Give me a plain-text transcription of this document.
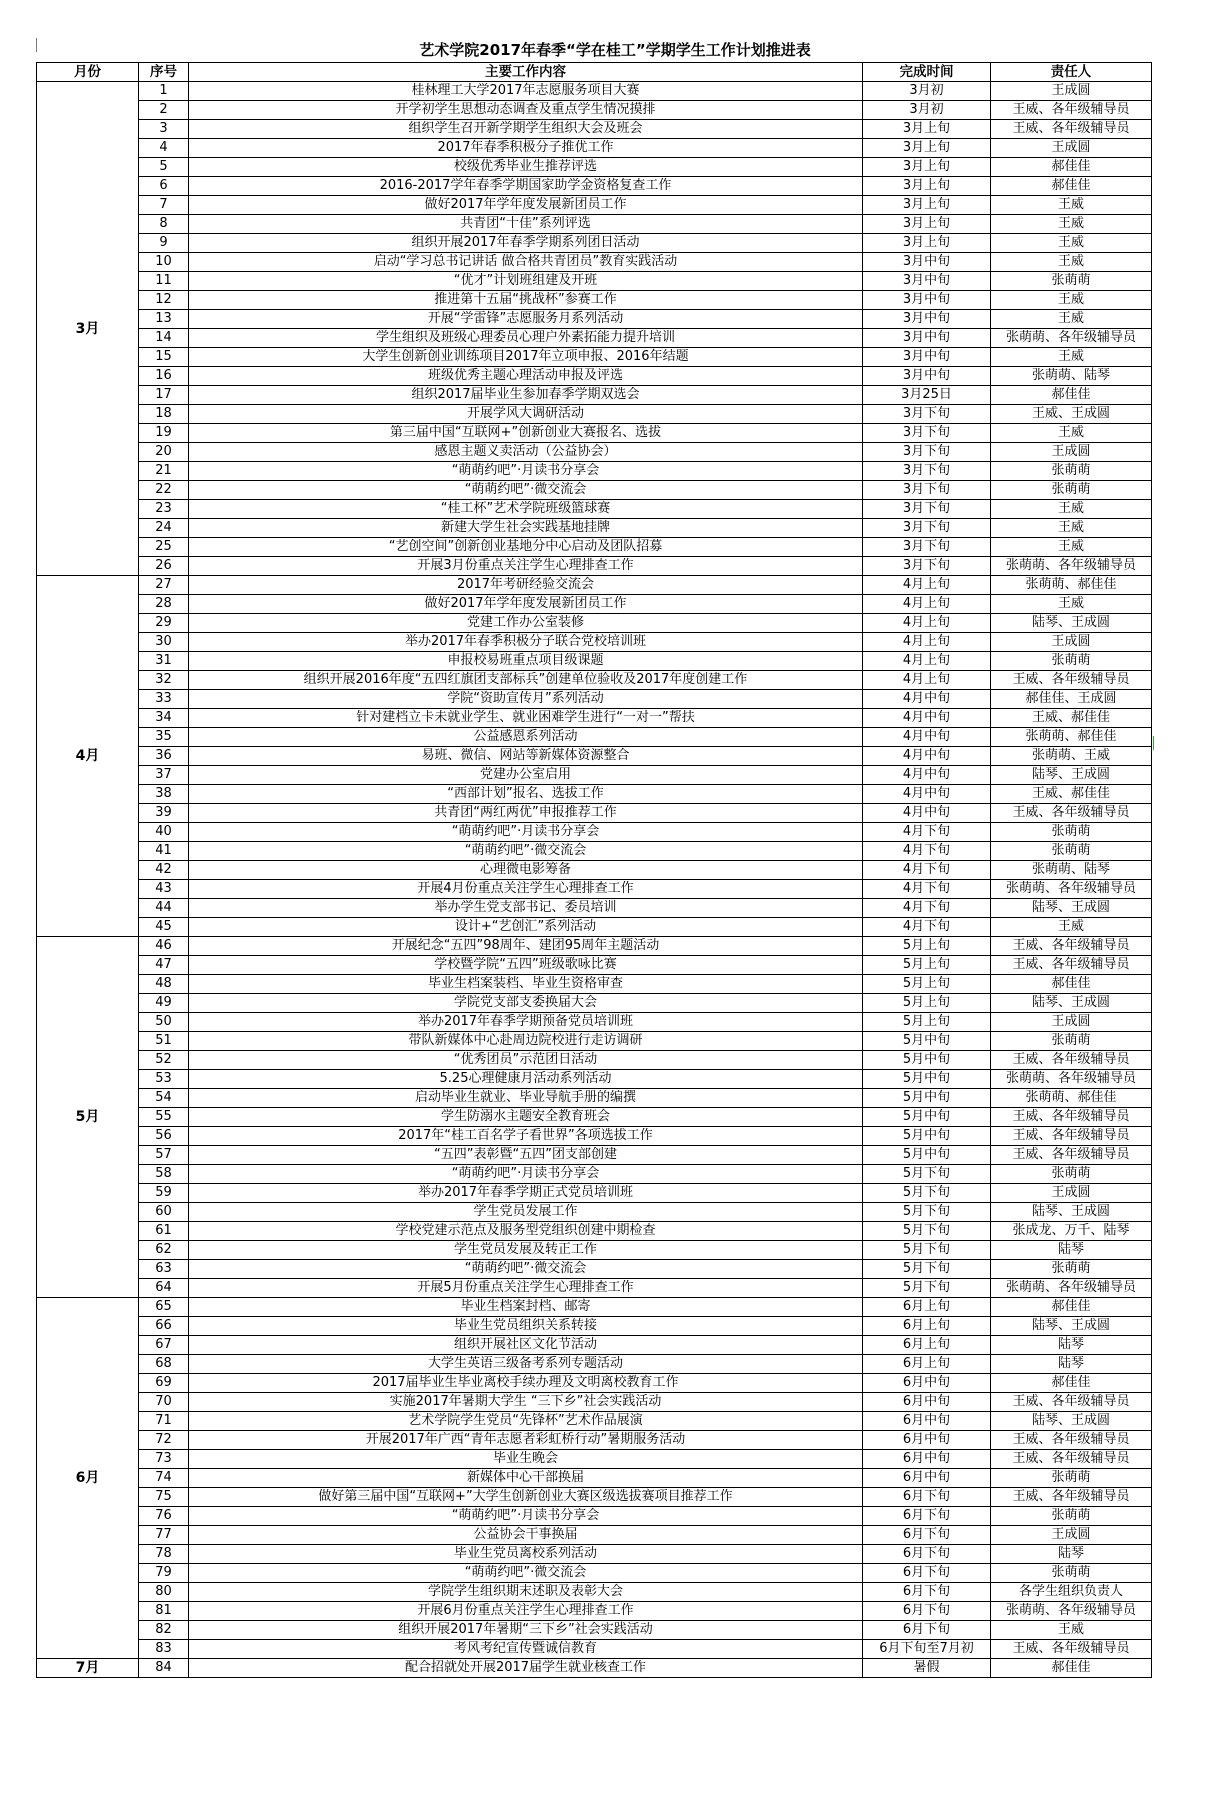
艺术学院2017年春季“学在桂工”学期学生工作计划推进表
月份	序号	主要工作内容	完成时间	责任人
3月	1	桂林理工大学2017年志愿服务项目大赛	3月初	王成圆
	2	开学初学生思想动态调查及重点学生情况摸排	3月初	王威、各年级辅导员
	3	组织学生召开新学期学生组织大会及班会	3月上旬	王威、各年级辅导员
	4	2017年春季积极分子推优工作	3月上旬	王成圆
	5	校级优秀毕业生推荐评选	3月上旬	郝佳佳
	6	2016-2017学年春季学期国家助学金资格复查工作	3月上旬	郝佳佳
	7	做好2017年学年度发展新团员工作	3月上旬	王威
	8	共青团“十佳”系列评选	3月上旬	王威
	9	组织开展2017年春季学期系列团日活动	3月上旬	王威
	10	启动“学习总书记讲话 做合格共青团员”教育实践活动	3月中旬	王威
	11	“优才”计划班组建及开班	3月中旬	张萌萌
	12	推进第十五届“挑战杯”参赛工作	3月中旬	王威
	13	开展“学雷锋”志愿服务月系列活动	3月中旬	王威
	14	学生组织及班级心理委员心理户外素拓能力提升培训	3月中旬	张萌萌、各年级辅导员
	15	大学生创新创业训练项目2017年立项申报、2016年结题	3月中旬	王威
	16	班级优秀主题心理活动申报及评选	3月中旬	张萌萌、陆琴
	17	组织2017届毕业生参加春季学期双选会	3月25日	郝佳佳
	18	开展学风大调研活动	3月下旬	王威、王成圆
	19	第三届中国“互联网+”创新创业大赛报名、选拔	3月下旬	王威
	20	感恩主题义卖活动（公益协会）	3月下旬	王成圆
	21	“萌萌约吧”·月读书分享会	3月下旬	张萌萌
	22	“萌萌约吧”·微交流会	3月下旬	张萌萌
	23	“桂工杯”艺术学院班级篮球赛	3月下旬	王威
	24	新建大学生社会实践基地挂牌	3月下旬	王威
	25	“艺创空间”创新创业基地分中心启动及团队招募	3月下旬	王威
	26	开展3月份重点关注学生心理排查工作	3月下旬	张萌萌、各年级辅导员
4月	27	2017年考研经验交流会	4月上旬	张萌萌、郝佳佳
	28	做好2017年学年度发展新团员工作	4月上旬	王威
	29	党建工作办公室装修	4月上旬	陆琴、王成圆
	30	举办2017年春季积极分子联合党校培训班	4月上旬	王成圆
	31	申报校易班重点项目级课题	4月上旬	张萌萌
	32	组织开展2016年度“五四红旗团支部标兵”创建单位验收及2017年度创建工作	4月上旬	王威、各年级辅导员
	33	学院“资助宣传月”系列活动	4月中旬	郝佳佳、王成圆
	34	针对建档立卡未就业学生、就业困难学生进行“一对一”帮扶	4月中旬	王威、郝佳佳
	35	公益感恩系列活动	4月中旬	张萌萌、郝佳佳
	36	易班、微信、网站等新媒体资源整合	4月中旬	张萌萌、王威
	37	党建办公室启用	4月中旬	陆琴、王成圆
	38	“西部计划”报名、选拔工作	4月中旬	王威、郝佳佳
	39	共青团“两红两优”申报推荐工作	4月中旬	王威、各年级辅导员
	40	“萌萌约吧”·月读书分享会	4月下旬	张萌萌
	41	“萌萌约吧”·微交流会	4月下旬	张萌萌
	42	心理微电影筹备	4月下旬	张萌萌、陆琴
	43	开展4月份重点关注学生心理排查工作	4月下旬	张萌萌、各年级辅导员
	44	举办学生党支部书记、委员培训	4月下旬	陆琴、王成圆
	45	设计+“艺创汇”系列活动	4月下旬	王威
5月	46	开展纪念“五四”98周年、建团95周年主题活动	5月上旬	王威、各年级辅导员
	47	学校暨学院“五四”班级歌咏比赛	5月上旬	王威、各年级辅导员
	48	毕业生档案装档、毕业生资格审查	5月上旬	郝佳佳
	49	学院党支部支委换届大会	5月上旬	陆琴、王成圆
	50	举办2017年春季学期预备党员培训班	5月上旬	王成圆
	51	带队新媒体中心赴周边院校进行走访调研	5月中旬	张萌萌
	52	“优秀团员”示范团日活动	5月中旬	王威、各年级辅导员
	53	5.25心理健康月活动系列活动	5月中旬	张萌萌、各年级辅导员
	54	启动毕业生就业、毕业导航手册的编撰	5月中旬	张萌萌、郝佳佳
	55	学生防溺水主题安全教育班会	5月中旬	王威、各年级辅导员
	56	2017年“桂工百名学子看世界”各项选拔工作	5月中旬	王威、各年级辅导员
	57	“五四”表彰暨“五四”团支部创建	5月中旬	王威、各年级辅导员
	58	“萌萌约吧”·月读书分享会	5月下旬	张萌萌
	59	举办2017年春季学期正式党员培训班	5月下旬	王成圆
	60	学生党员发展工作	5月下旬	陆琴、王成圆
	61	学校党建示范点及服务型党组织创建中期检查	5月下旬	张成龙、万千、陆琴
	62	学生党员发展及转正工作	5月下旬	陆琴
	63	“萌萌约吧”·微交流会	5月下旬	张萌萌
	64	开展5月份重点关注学生心理排查工作	5月下旬	张萌萌、各年级辅导员
6月	65	毕业生档案封档、邮寄	6月上旬	郝佳佳
	66	毕业生党员组织关系转接	6月上旬	陆琴、王成圆
	67	组织开展社区文化节活动	6月上旬	陆琴
	68	大学生英语三级备考系列专题活动	6月上旬	陆琴
	69	2017届毕业生毕业离校手续办理及文明离校教育工作	6月中旬	郝佳佳
	70	实施2017年暑期大学生 “三下乡”社会实践活动	6月中旬	王威、各年级辅导员
	71	艺术学院学生党员“先锋杯”艺术作品展演	6月中旬	陆琴、王成圆
	72	开展2017年广西“青年志愿者彩虹桥行动”暑期服务活动	6月中旬	王威、各年级辅导员
	73	毕业生晚会	6月中旬	王威、各年级辅导员
	74	新媒体中心干部换届	6月中旬	张萌萌
	75	做好第三届中国“互联网+”大学生创新创业大赛区级选拔赛项目推荐工作	6月下旬	王威、各年级辅导员
	76	“萌萌约吧”·月读书分享会	6月下旬	张萌萌
	77	公益协会干事换届	6月下旬	王成圆
	78	毕业生党员离校系列活动	6月下旬	陆琴
	79	“萌萌约吧”·微交流会	6月下旬	张萌萌
	80	学院学生组织期末述职及表彰大会	6月下旬	各学生组织负责人
	81	开展6月份重点关注学生心理排查工作	6月下旬	张萌萌、各年级辅导员
	82	组织开展2017年暑期“三下乡”社会实践活动	6月下旬	王威
	83	考风考纪宣传暨诚信教育	6月下旬至7月初	王威、各年级辅导员
7月	84	配合招就处开展2017届学生就业核查工作	暑假	郝佳佳
